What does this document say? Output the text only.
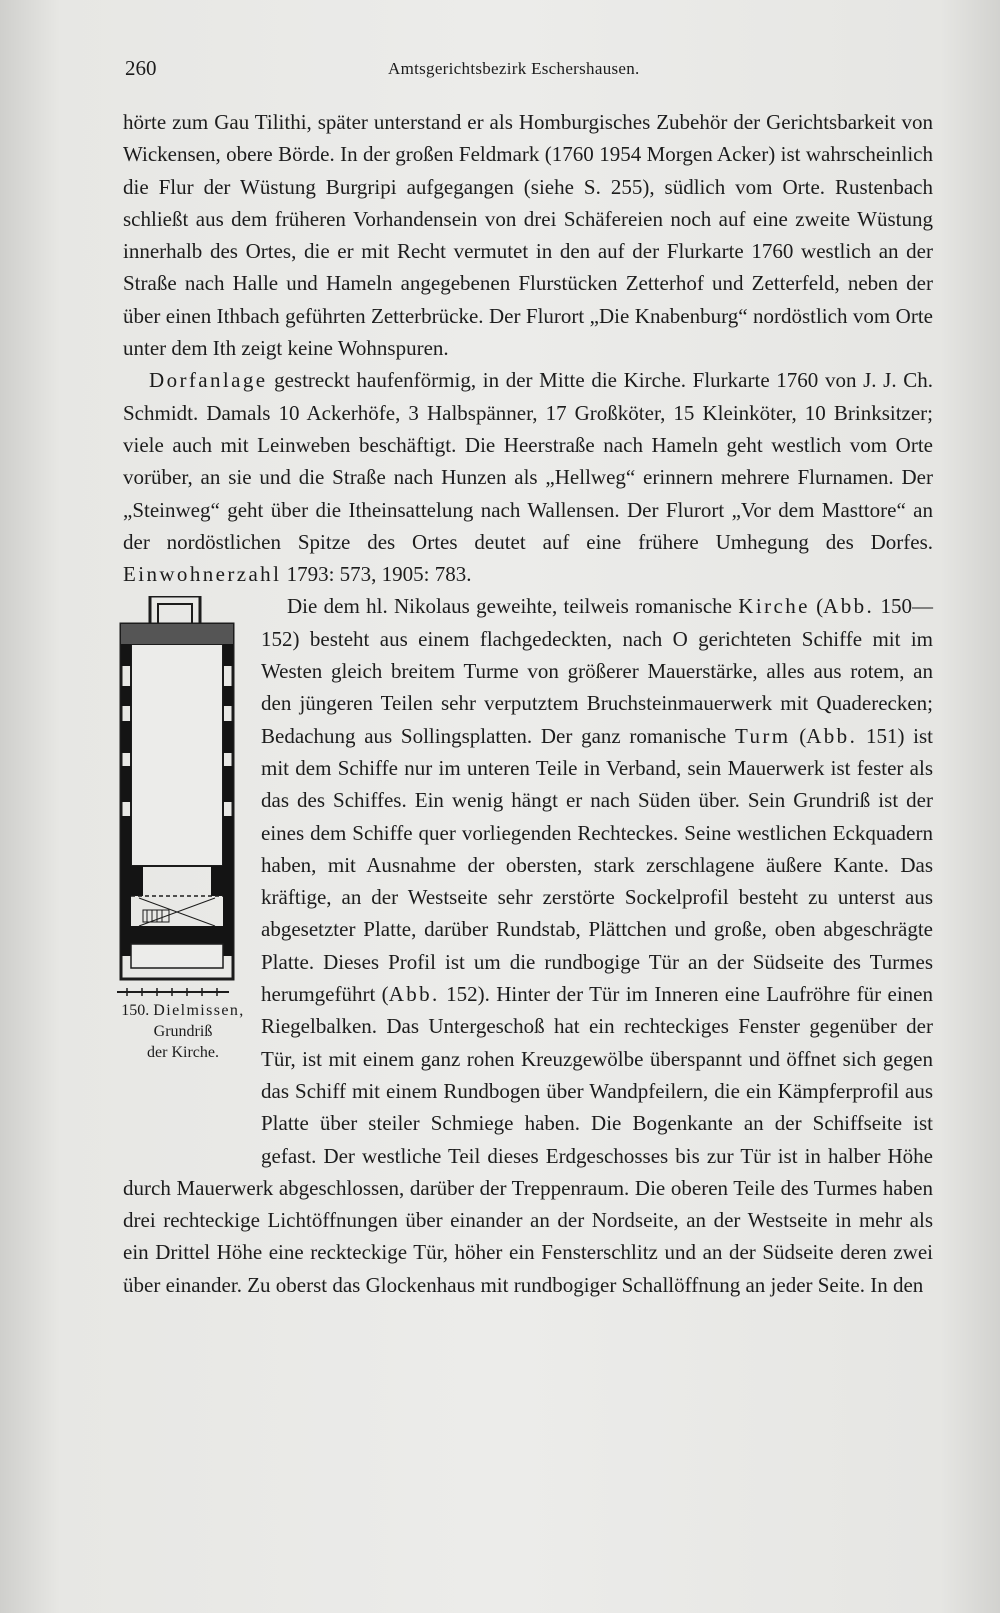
260	Amtsgerichtsbezirk Eschershausen.

hörte zum Gau Tilithi, später unterstand er als Homburgisches Zubehör der Gerichtsbarkeit von Wickensen, obere Börde. In der großen Feldmark (1760 1954 Morgen Acker) ist wahrscheinlich die Flur der Wüstung Burgripi aufgegangen (siehe S. 255), südlich vom Orte. Rustenbach schließt aus dem früheren Vorhandensein von drei Schäfereien noch auf eine zweite Wüstung innerhalb des Ortes, die er mit Recht vermutet in den auf der Flurkarte 1760 westlich an der Straße nach Halle und Hameln angegebenen Flurstücken Zetterhof und Zetterfeld, neben der über einen Ithbach geführten Zetterbrücke. Der Flurort „Die Knabenburg“ nordöstlich vom Orte unter dem Ith zeigt keine Wohnspuren.

Dorfanlage gestreckt haufenförmig, in der Mitte die Kirche. Flurkarte 1760 von J. J. Ch. Schmidt. Damals 10 Ackerhöfe, 3 Halbspänner, 17 Großköter, 15 Kleinköter, 10 Brinksitzer; viele auch mit Leinweben beschäftigt. Die Heerstraße nach Hameln geht westlich vom Orte vorüber, an sie und die Straße nach Hunzen als „Hellweg“ erinnern mehrere Flurnamen. Der „Steinweg“ geht über die Itheinsattelung nach Wallensen. Der Flurort „Vor dem Masttore“ an der nordöstlichen Spitze des Ortes deutet auf eine frühere Umhegung des Dorfes. Einwohnerzahl 1793: 573, 1905: 783.

150. Dielmissen,
Grundriß
der Kirche.

Die dem hl. Nikolaus geweihte, teilweis romanische Kirche (Abb. 150—152) besteht aus einem flachgedeckten, nach O gerichteten Schiffe mit im Westen gleich breitem Turme von größerer Mauerstärke, alles aus rotem, an den jüngeren Teilen sehr verputztem Bruchsteinmauerwerk mit Quaderecken; Bedachung aus Sollingsplatten. Der ganz romanische Turm (Abb. 151) ist mit dem Schiffe nur im unteren Teile in Verband, sein Mauerwerk ist fester als das des Schiffes. Ein wenig hängt er nach Süden über. Sein Grundriß ist der eines dem Schiffe quer vorliegenden Rechteckes. Seine westlichen Eckquadern haben, mit Ausnahme der obersten, stark zerschlagene äußere Kante. Das kräftige, an der Westseite sehr zerstörte Sockelprofil besteht zu unterst aus abgesetzter Platte, darüber Rundstab, Plättchen und große, oben abgeschrägte Platte. Dieses Profil ist um die rundbogige Tür an der Südseite des Turmes herumgeführt (Abb. 152). Hinter der Tür im Inneren eine Laufröhre für einen Riegelbalken. Das Untergeschoß hat ein rechteckiges Fenster gegenüber der Tür, ist mit einem ganz rohen Kreuzgewölbe überspannt und öffnet sich gegen das Schiff mit einem Rundbogen über Wandpfeilern, die ein Kämpferprofil aus Platte über steiler Schmiege haben. Die Bogenkante an der Schiffseite ist gefast. Der westliche Teil dieses Erdgeschosses bis zur Tür ist in halber Höhe durch Mauerwerk abgeschlossen, darüber der Treppenraum. Die oberen Teile des Turmes haben drei rechteckige Lichtöffnungen über einander an der Nordseite, an der Westseite in mehr als ein Drittel Höhe eine reckteckige Tür, höher ein Fensterschlitz und an der Südseite deren zwei über einander. Zu oberst das Glockenhaus mit rundbogiger Schallöffnung an jeder Seite. In den
